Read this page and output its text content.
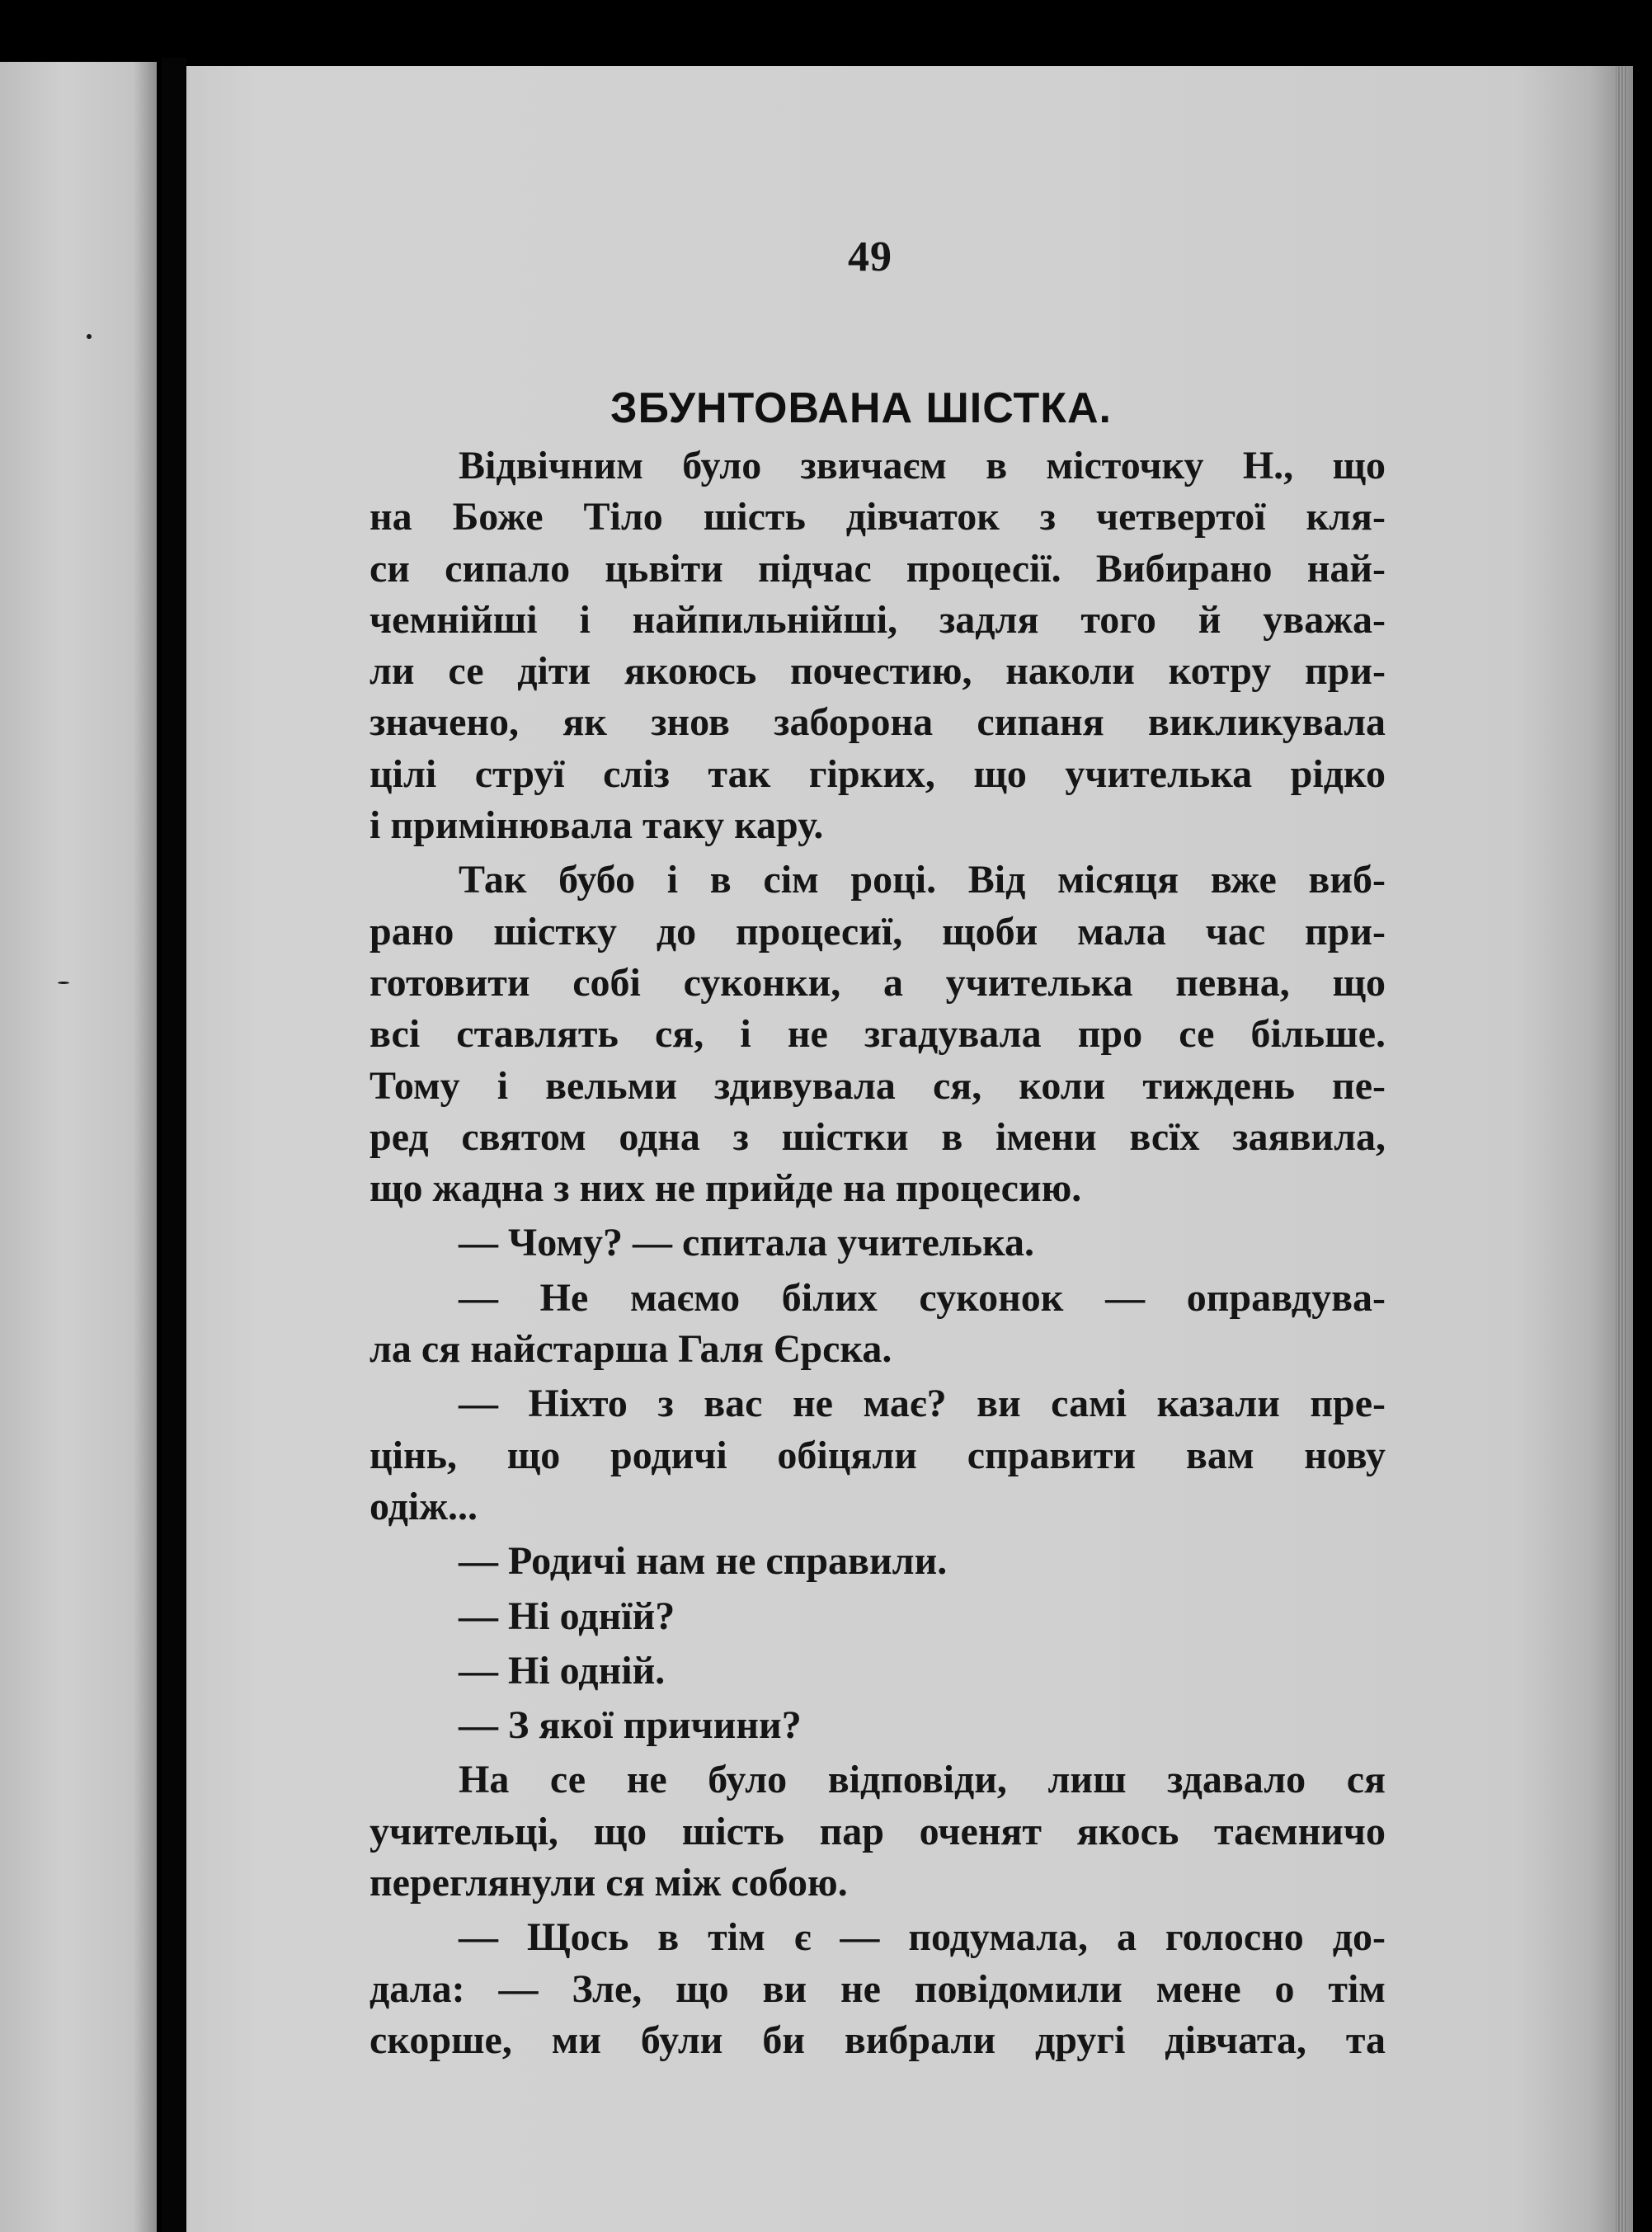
49
ЗБУНТОВАНА ШІСТКА.
Відвічним було звичаєм в місточку Н., що
на Боже Тіло шість дівчаток з четвертої кля-
си сипало цьвіти підчас процесії. Вибирано най-
чемнійші і найпильнійші, задля того й уважа-
ли се діти якоюсь почестию, наколи котру при-
значено, як знов заборона сипаня викликувала
цілі струї сліз так гірких, що учителька рідко
і примінювала таку кару.
Так бубо і в сім році. Від місяця вже виб-
рано шістку до процесиї, щоби мала час при-
готовити собі суконки, а учителька певна, що
всі ставлять ся, і не згадувала про се більше.
Тому і вельми здивувала ся, коли тиждень пе-
ред святом одна з шістки в імени всїх заявила,
що жадна з них не прийде на процесию.
— Чому? — спитала учителька.
— Не маємо білих суконок — оправдува-
ла ся найстарша Галя Єрска.
— Ніхто з вас не має? ви самі казали пре-
цінь, що родичі обіцяли справити вам нову
одіж...
— Родичі нам не справили.
— Ні однїй?
— Ні одній.
— З якої причини?
На се не було відповіди, лиш здавало ся
учительці, що шість пар оченят якось таємничо
переглянули ся між собою.
— Щось в тім є — подумала, а голосно до-
дала: — Зле, що ви не повідомили мене о тім
скорше, ми були би вибрали другі дівчата, та
